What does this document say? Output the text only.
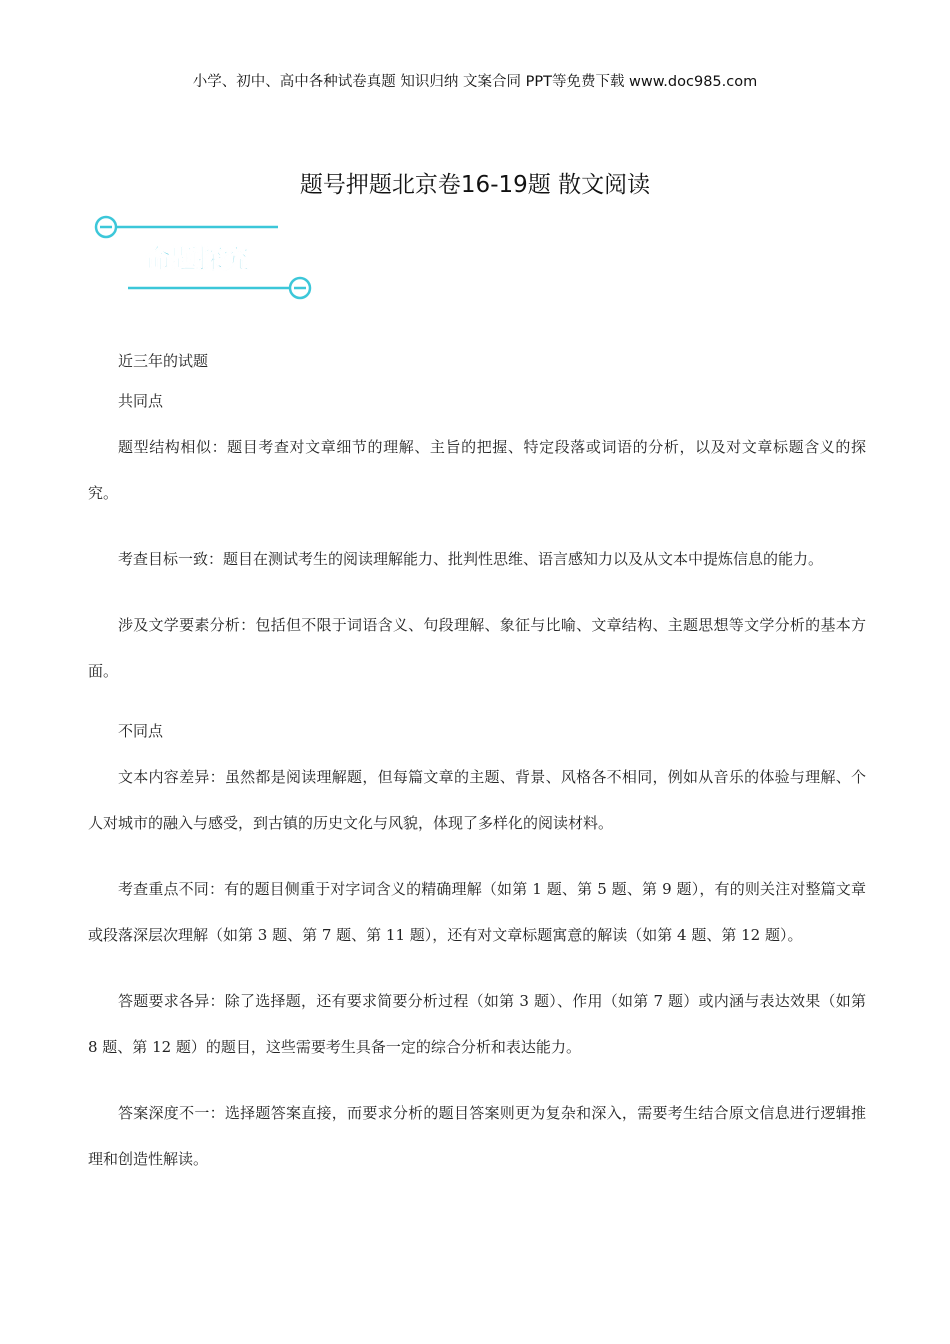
小学、初中、高中各种试卷真题 知识归纳 文案合同 PPT等免费下载 www.doc985.com
题号押题北京卷16-19题 散文阅读
命题探究

近三年的试题

共同点

题型结构相似：题目考查对文章细节的理解、主旨的把握、特定段落或词语的分析，以及对文章标题含义的探究。

考查目标一致：题目在测试考生的阅读理解能力、批判性思维、语言感知力以及从文本中提炼信息的能力。

涉及文学要素分析：包括但不限于词语含义、句段理解、象征与比喻、文章结构、主题思想等文学分析的基本方面。

不同点

文本内容差异：虽然都是阅读理解题，但每篇文章的主题、背景、风格各不相同，例如从音乐的体验与理解、个人对城市的融入与感受，到古镇的历史文化与风貌，体现了多样化的阅读材料。

考查重点不同：有的题目侧重于对字词含义的精确理解（如第 1 题、第 5 题、第 9 题），有的则关注对整篇文章或段落深层次理解（如第 3 题、第 7 题、第 11 题），还有对文章标题寓意的解读（如第 4 题、第 12 题）。

答题要求各异：除了选择题，还有要求简要分析过程（如第 3 题）、作用（如第 7 题）或内涵与表达效果（如第 8 题、第 12 题）的题目，这些需要考生具备一定的综合分析和表达能力。

答案深度不一：选择题答案直接，而要求分析的题目答案则更为复杂和深入，需要考生结合原文信息进行逻辑推理和创造性解读。
